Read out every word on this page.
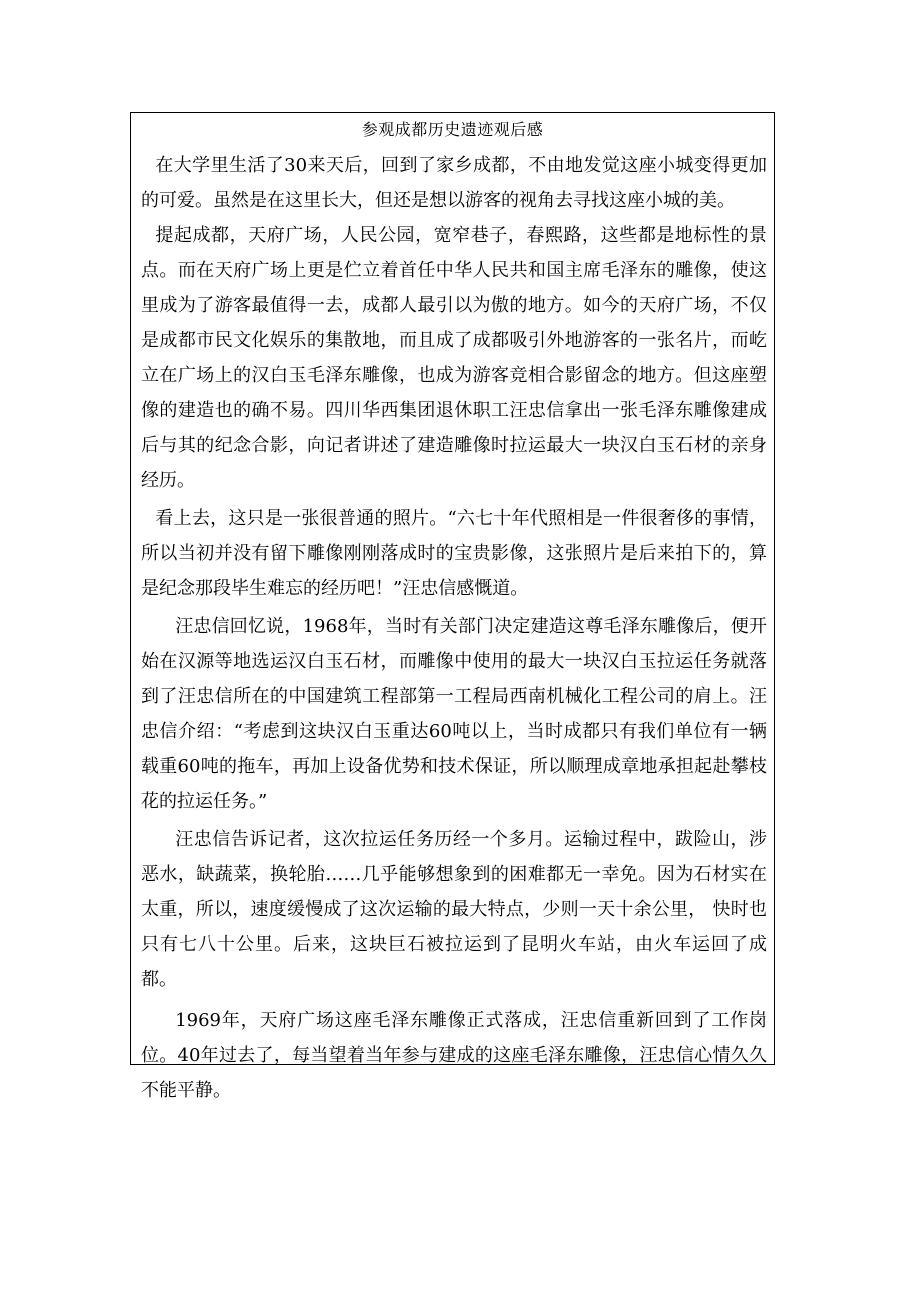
参观成都历史遗迹观后感

在大学里生活了30来天后，回到了家乡成都，不由地发觉这座小城变得更加的可爱。虽然是在这里长大，但还是想以游客的视角去寻找这座小城的美。

提起成都，天府广场，人民公园，宽窄巷子，春熙路，这些都是地标性的景点。而在天府广场上更是伫立着首任中华人民共和国主席毛泽东的雕像，使这里成为了游客最值得一去，成都人最引以为傲的地方。如今的天府广场，不仅是成都市民文化娱乐的集散地，而且成了成都吸引外地游客的一张名片，而屹立在广场上的汉白玉毛泽东雕像，也成为游客竞相合影留念的地方。但这座塑像的建造也的确不易。四川华西集团退休职工汪忠信拿出一张毛泽东雕像建成后与其的纪念合影，向记者讲述了建造雕像时拉运最大一块汉白玉石材的亲身经历。

看上去，这只是一张很普通的照片。“六七十年代照相是一件很奢侈的事情，所以当初并没有留下雕像刚刚落成时的宝贵影像，这张照片是后来拍下的，算是纪念那段毕生难忘的经历吧！”汪忠信感慨道。

汪忠信回忆说，1968年，当时有关部门决定建造这尊毛泽东雕像后，便开始在汉源等地选运汉白玉石材，而雕像中使用的最大一块汉白玉拉运任务就落到了汪忠信所在的中国建筑工程部第一工程局西南机械化工程公司的肩上。汪忠信介绍：“考虑到这块汉白玉重达60吨以上，当时成都只有我们单位有一辆载重60吨的拖车，再加上设备优势和技术保证，所以顺理成章地承担起赴攀枝花的拉运任务。”

汪忠信告诉记者，这次拉运任务历经一个多月。运输过程中，跋险山，涉恶水，缺蔬菜，换轮胎……几乎能够想象到的困难都无一幸免。因为石材实在太重，所以，速度缓慢成了这次运输的最大特点，少则一天十余公里， 快时也只有七八十公里。后来，这块巨石被拉运到了昆明火车站，由火车运回了成都。

1969年，天府广场这座毛泽东雕像正式落成，汪忠信重新回到了工作岗位。40年过去了，每当望着当年参与建成的这座毛泽东雕像，汪忠信心情久久不能平静。
